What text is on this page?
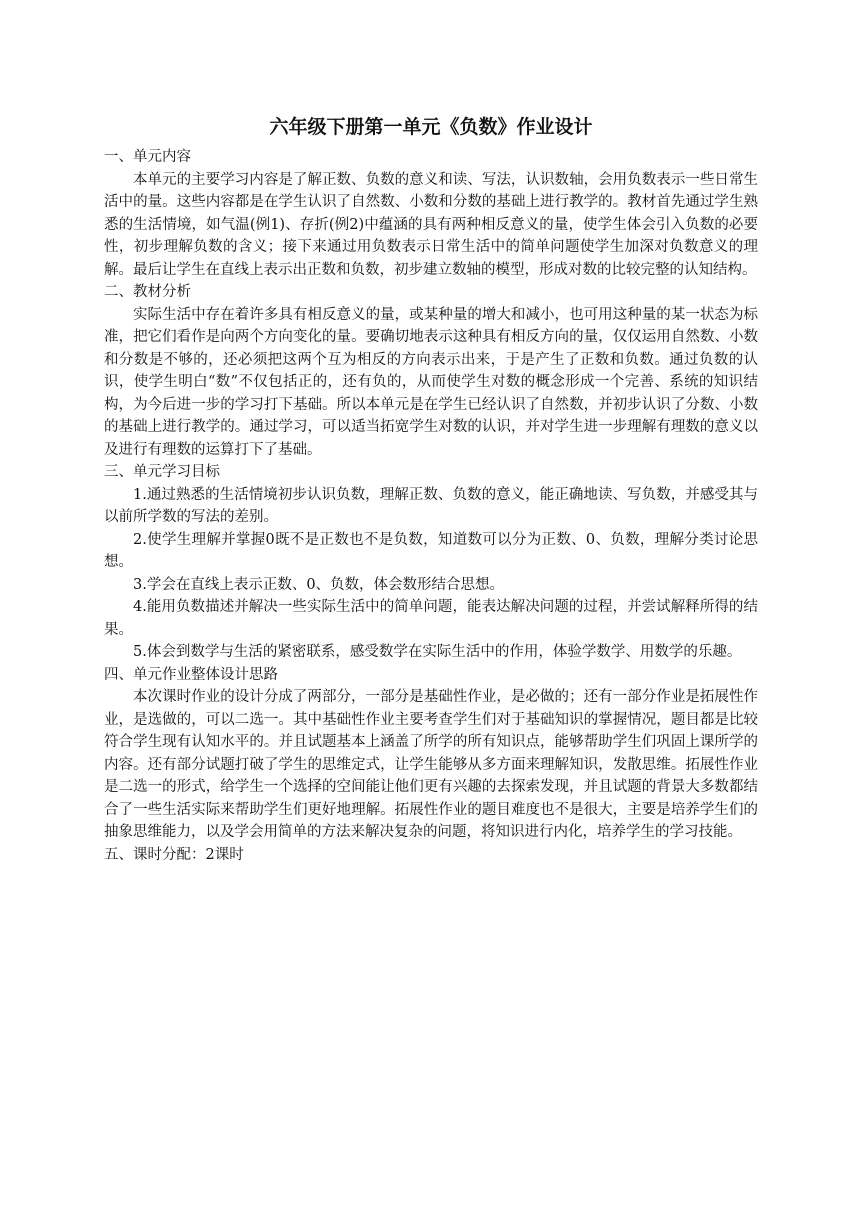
六年级下册第一单元《负数》作业设计

一、单元内容

本单元的主要学习内容是了解正数、负数的意义和读、写法，认识数轴，会用负数表示一些日常生活中的量。这些内容都是在学生认识了自然数、小数和分数的基础上进行教学的。教材首先通过学生熟悉的生活情境，如气温(例1)、存折(例2)中蕴涵的具有两种相反意义的量，使学生体会引入负数的必要性，初步理解负数的含义；接下来通过用负数表示日常生活中的简单问题使学生加深对负数意义的理解。最后让学生在直线上表示出正数和负数，初步建立数轴的模型，形成对数的比较完整的认知结构。

二、教材分析

实际生活中存在着许多具有相反意义的量，或某种量的增大和减小，也可用这种量的某一状态为标准，把它们看作是向两个方向变化的量。要确切地表示这种具有相反方向的量，仅仅运用自然数、小数和分数是不够的，还必须把这两个互为相反的方向表示出来，于是产生了正数和负数。通过负数的认识，使学生明白“数”不仅包括正的，还有负的，从而使学生对数的概念形成一个完善、系统的知识结构，为今后进一步的学习打下基础。所以本单元是在学生已经认识了自然数，并初步认识了分数、小数的基础上进行教学的。通过学习，可以适当拓宽学生对数的认识，并对学生进一步理解有理数的意义以及进行有理数的运算打下了基础。

三、单元学习目标

1.通过熟悉的生活情境初步认识负数，理解正数、负数的意义，能正确地读、写负数，并感受其与以前所学数的写法的差别。

2.使学生理解并掌握0既不是正数也不是负数，知道数可以分为正数、0、负数，理解分类讨论思想。

3.学会在直线上表示正数、0、负数，体会数形结合思想。

4.能用负数描述并解决一些实际生活中的简单问题，能表达解决问题的过程，并尝试解释所得的结果。

5.体会到数学与生活的紧密联系，感受数学在实际生活中的作用，体验学数学、用数学的乐趣。

四、单元作业整体设计思路

本次课时作业的设计分成了两部分，一部分是基础性作业，是必做的；还有一部分作业是拓展性作业，是选做的，可以二选一。其中基础性作业主要考查学生们对于基础知识的掌握情况，题目都是比较符合学生现有认知水平的。并且试题基本上涵盖了所学的所有知识点，能够帮助学生们巩固上课所学的内容。还有部分试题打破了学生的思维定式，让学生能够从多方面来理解知识，发散思维。拓展性作业是二选一的形式，给学生一个选择的空间能让他们更有兴趣的去探索发现，并且试题的背景大多数都结合了一些生活实际来帮助学生们更好地理解。拓展性作业的题目难度也不是很大，主要是培养学生们的抽象思维能力，以及学会用简单的方法来解决复杂的问题，将知识进行内化，培养学生的学习技能。

五、课时分配：2课时
